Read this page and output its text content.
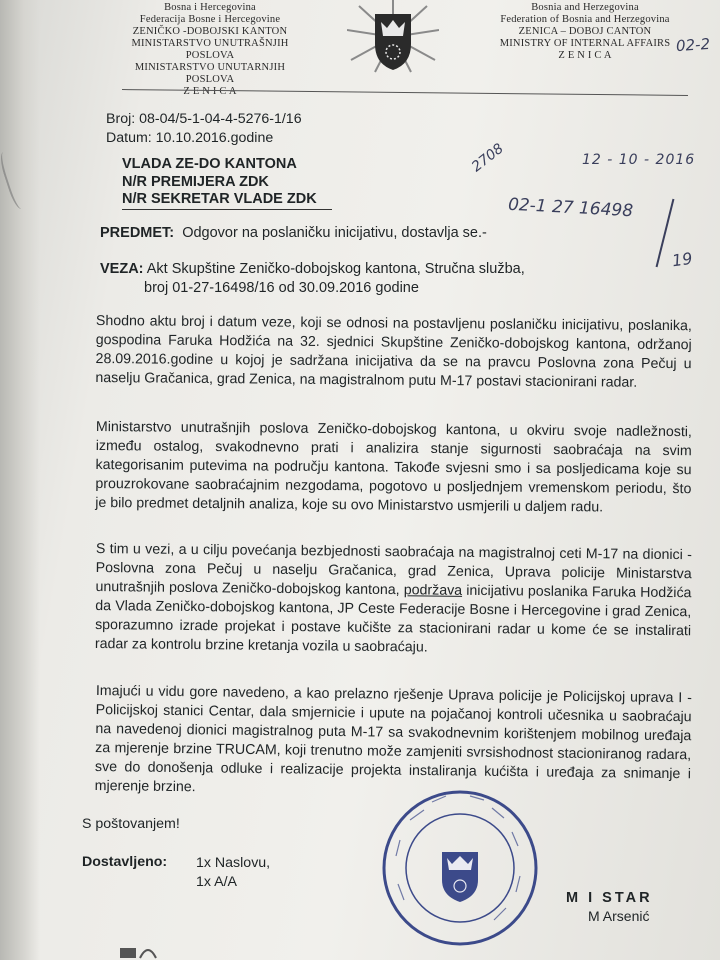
Bosna i Hercegovina
Federacija Bosne i Hercegovine
ZENIČKO -DOBOJSKI KANTON
MINISTARSTVO UNUTRAŠNJIH POSLOVA
MINISTARSTVO UNUTARNJIH POSLOVA
Z E N I C A
Bosnia and Herzegovina
Federation of Bosnia and Herzegovina
ZENICA – DOBOJ CANTON
MINISTRY OF INTERNAL AFFAIRS
Z E N I C A
02-2
Broj: 08-04/5-1-04-4-5276-1/16
Datum: 10.10.2016.godine
VLADA ZE-DO KANTONA
N/R PREMIJERA ZDK
N/R SEKRETAR VLADE ZDK
2708	12 - 10 - 2016
02-1 27 16498
19
PREDMET: Odgovor na poslaničku inicijativu, dostavlja se.-
VEZA: Akt Skupštine Zeničko-dobojskog kantona, Stručna služba,
broj 01-27-16498/16 od 30.09.2016 godine
Shodno aktu broj i datum veze, koji se odnosi na postavljenu poslaničku inicijativu, poslanika, gospodina Faruka Hodžića na 32. sjednici Skupštine Zeničko-dobojskog kantona, održanoj 28.09.2016.godine u kojoj je sadržana inicijativa da se na pravcu Poslovna zona Pečuj u naselju Gračanica, grad Zenica, na magistralnom putu M-17 postavi stacionirani radar.
Ministarstvo unutrašnjih poslova Zeničko-dobojskog kantona, u okviru svoje nadležnosti, između ostalog, svakodnevno prati i analizira stanje sigurnosti saobraćaja na svim kategorisanim putevima na području kantona. Takođe svjesni smo i sa posljedicama koje su prouzrokovane saobraćajnim nezgodama, pogotovo u posljednjem vremenskom periodu, što je bilo predmet detaljnih analiza, koje su ovo Ministarstvo usmjerili u daljem radu.
S tim u vezi, a u cilju povećanja bezbjednosti saobraćaja na magistralnoj ceti M-17 na dionici - Poslovna zona Pečuj u naselju Gračanica, grad Zenica, Uprava policije Ministarstva unutrašnjih poslova Zeničko-dobojskog kantona, podržava inicijativu poslanika Faruka Hodžića da Vlada Zeničko-dobojskog kantona, JP Ceste Federacije Bosne i Hercegovine i grad Zenica, sporazumno izrade projekat i postave kučište za stacionirani radar u kome će se instalirati radar za kontrolu brzine kretanja vozila u saobraćaju.
Imajući u vidu gore navedeno, a kao prelazno rješenje Uprava policije je Policijskoj uprava I - Policijskoj stanici Centar, dala smjernicie i upute na pojačanoj kontroli učesnika u saobraćaju na navedenoj dionici magistralnog puta M-17 sa svakodnevnim korištenjem mobilnog uređaja za mjerenje brzine TRUCAM, koji trenutno može zamjeniti svrsishodnost stacioniranog radara, sve do donošenja odluke i realizacije projekta instaliranja kućišta i uređaja za snimanje i mjerenje brzine.
S poštovanjem!
Dostavljeno: 1x Naslovu,
1x A/A
M I STAR
M Arsenić
